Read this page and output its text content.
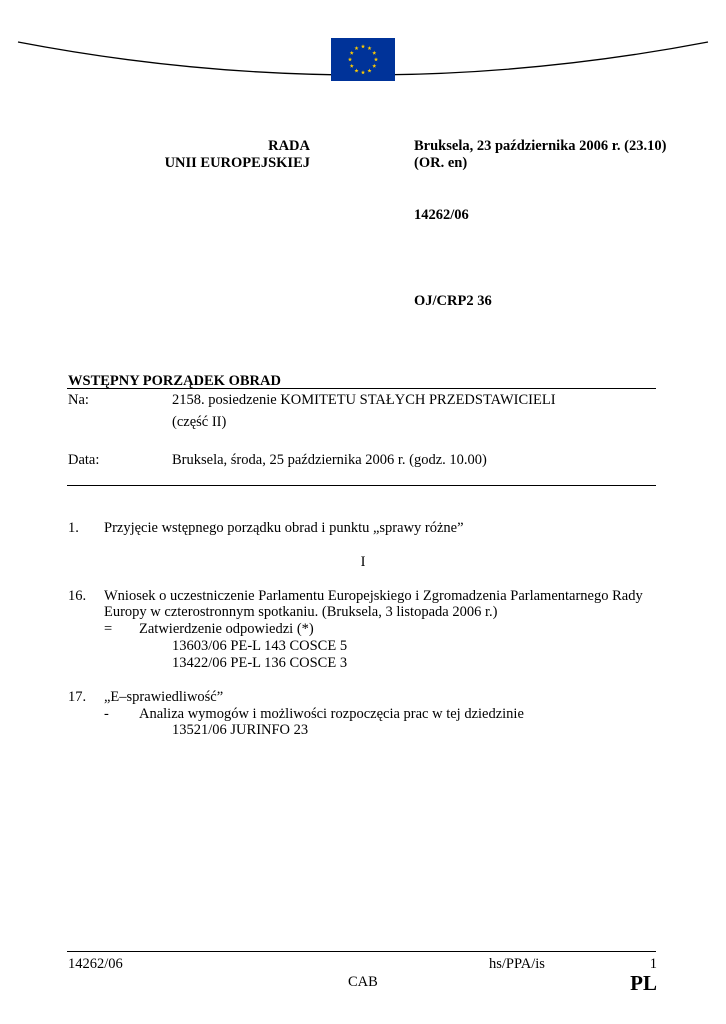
RADA
UNII EUROPEJSKIEJ
Bruksela, 23 października 2006 r. (23.10)
(OR. en)
14262/06
OJ/CRP2 36
WSTĘPNY PORZĄDEK OBRAD
Na:	2158. posiedzenie KOMITETU STAŁYCH PRZEDSTAWICIELI
(część II)
Data:	Bruksela, środa, 25 października 2006 r. (godz. 10.00)
1. Przyjęcie wstępnego porządku obrad i punktu „sprawy różne”
I
16. Wniosek o uczestniczenie Parlamentu Europejskiego i Zgromadzenia Parlamentarnego Rady
Europy w czterostronnym spotkaniu. (Bruksela, 3 listopada 2006 r.)
= Zatwierdzenie odpowiedzi (*)
13603/06 PE-L 143 COSCE 5
13422/06 PE-L 136 COSCE 3
17. „E–sprawiedliwość”
- Analiza wymogów i możliwości rozpoczęcia prac w tej dziedzinie
13521/06 JURINFO 23
14262/06	hs/PPA/is	1
CAB	PL
